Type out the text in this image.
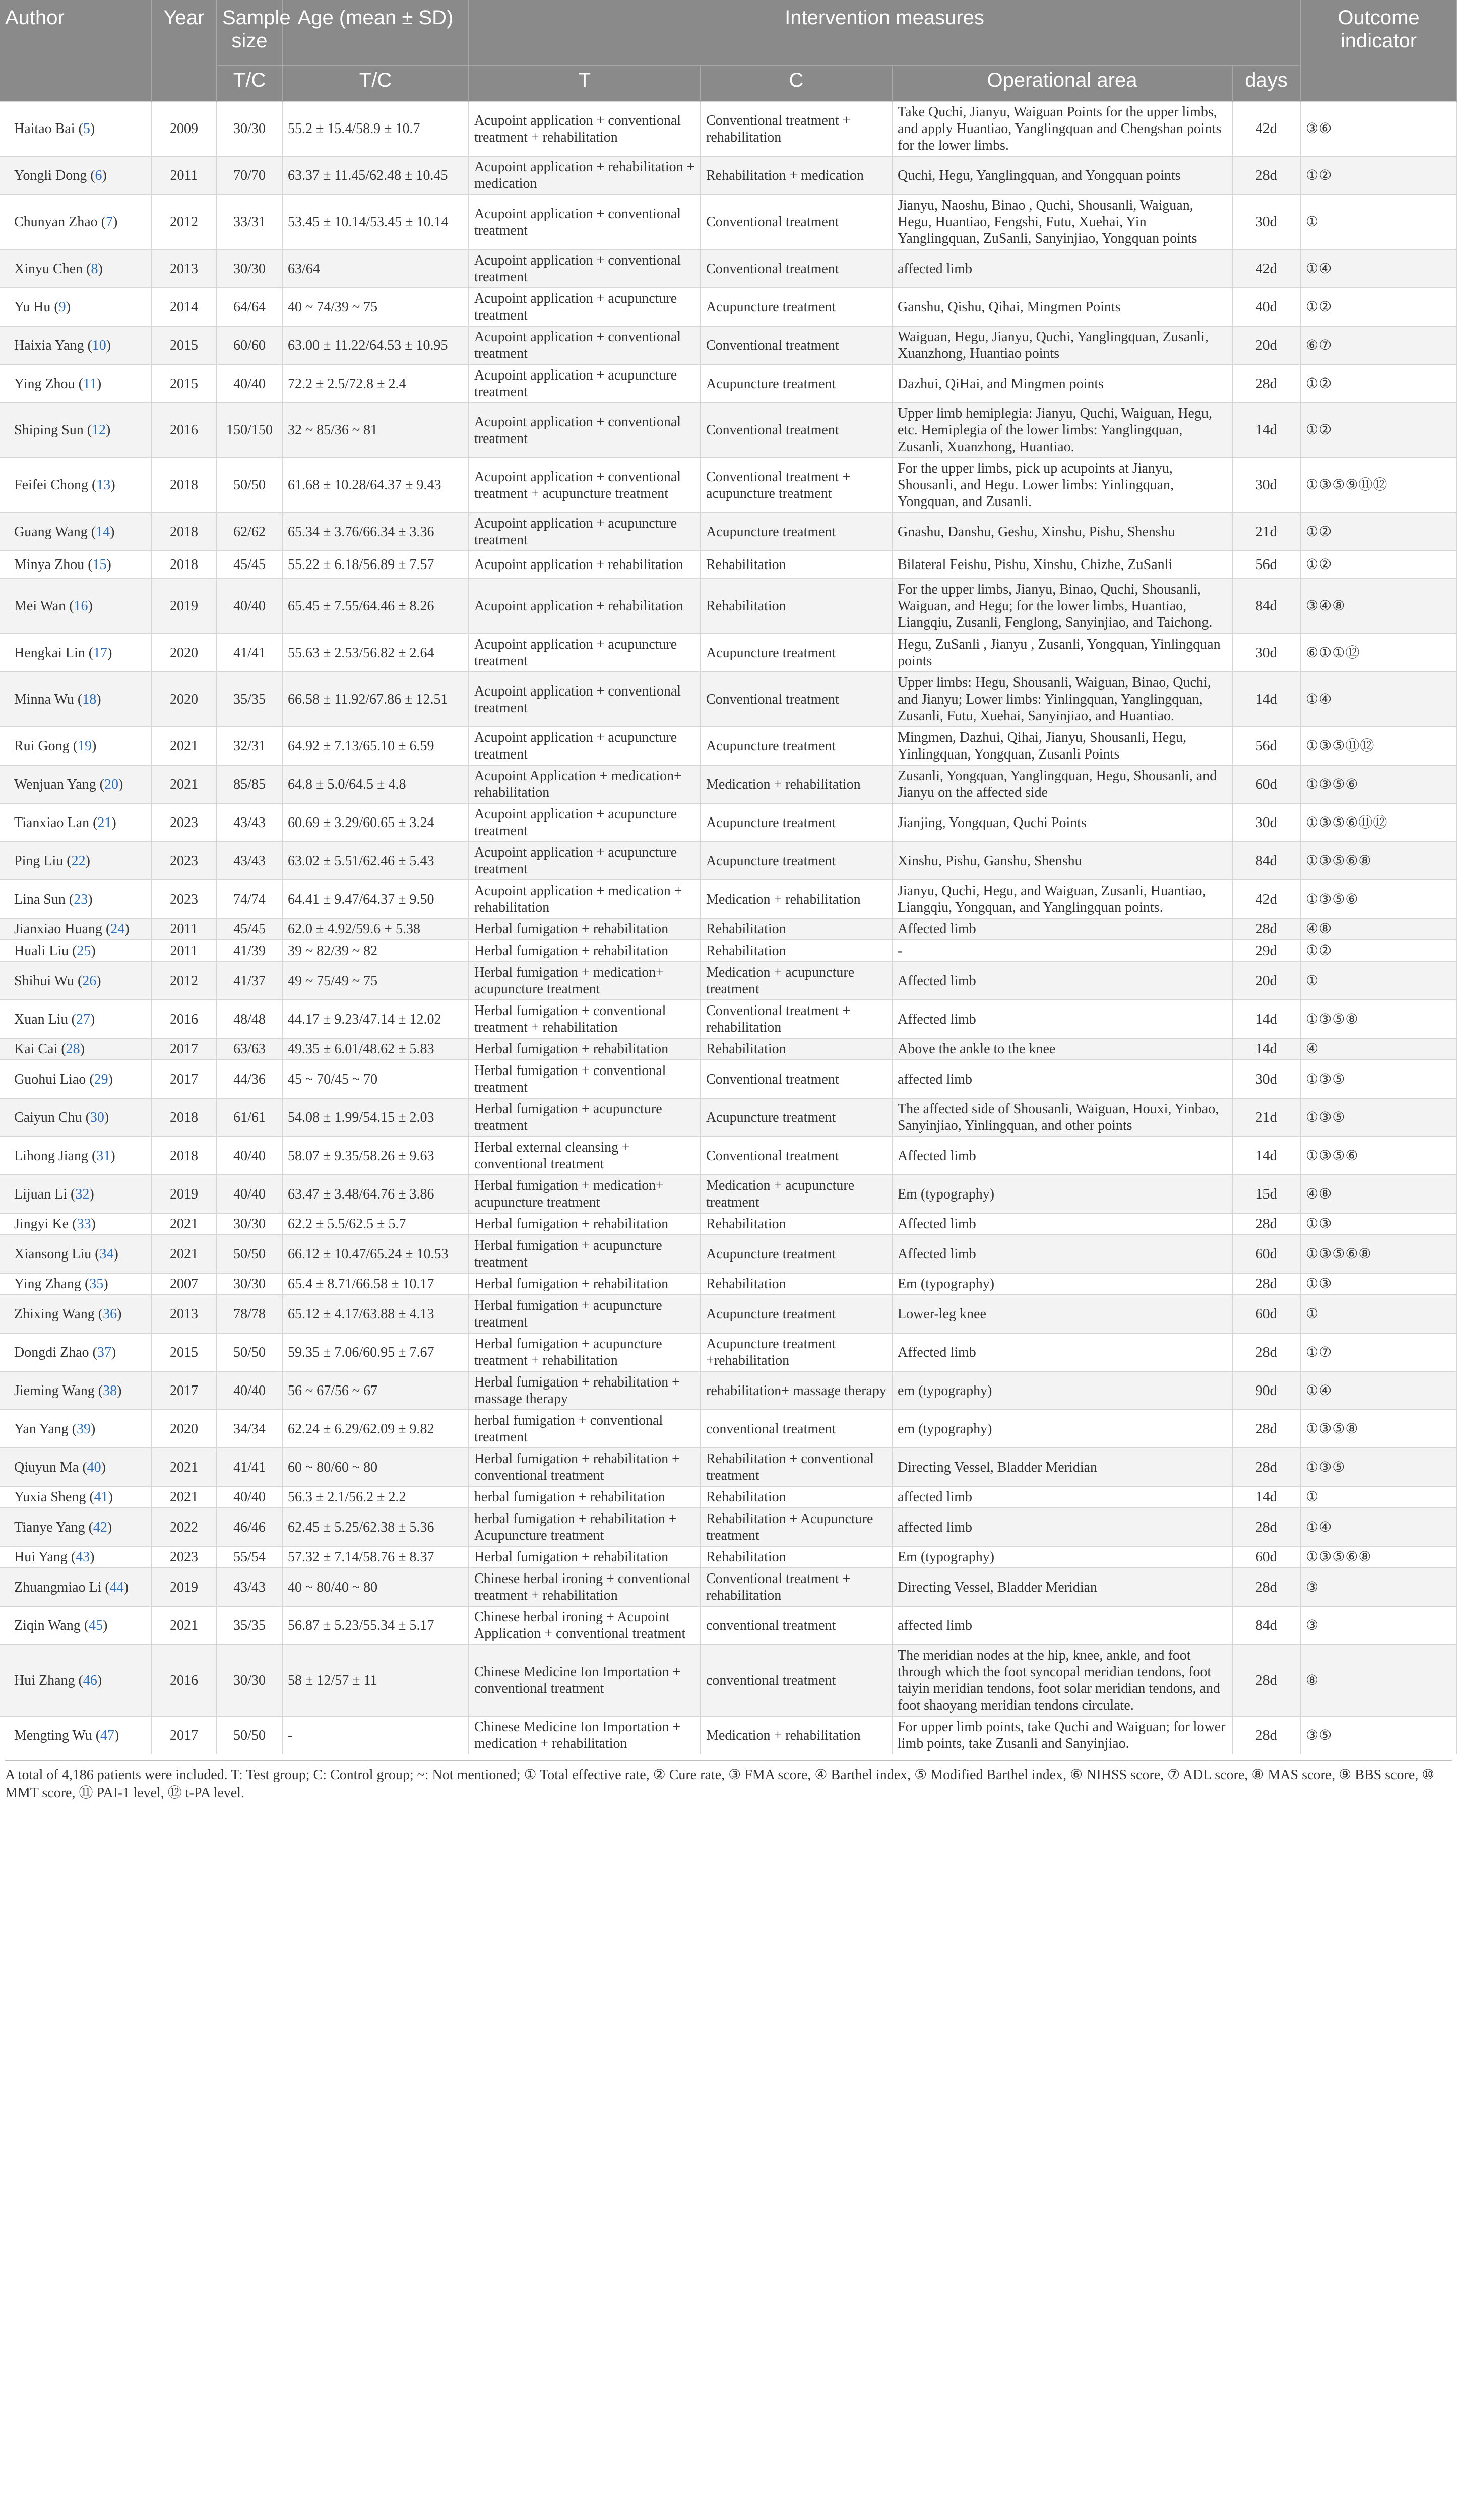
Author	Year	Sample size	Age (mean ± SD)	Intervention measures				Outcome indicator
		T/C	T/C	T	C	Operational area	days	
Haitao Bai (5)	2009	30/30	55.2 ± 15.4/58.9 ± 10.7	Acupoint application + conventional treatment + rehabilitation	Conventional treatment + rehabilitation	Take Quchi, Jianyu, Waiguan Points for the upper limbs, and apply Huantiao, Yanglingquan and Chengshan points for the lower limbs.	42d	③⑥
Yongli Dong (6)	2011	70/70	63.37 ± 11.45/62.48 ± 10.45	Acupoint application + rehabilitation + medication	Rehabilitation + medication	Quchi, Hegu, Yanglingquan, and Yongquan points	28d	①②
Chunyan Zhao (7)	2012	33/31	53.45 ± 10.14/53.45 ± 10.14	Acupoint application + conventional treatment	Conventional treatment	Jianyu, Naoshu, Binao , Quchi, Shousanli, Waiguan, Hegu, Huantiao, Fengshi, Futu, Xuehai, Yin Yanglingquan, ZuSanli, Sanyinjiao, Yongquan points	30d	①
Xinyu Chen (8)	2013	30/30	63/64	Acupoint application + conventional treatment	Conventional treatment	affected limb	42d	①④
Yu Hu (9)	2014	64/64	40 ~ 74/39 ~ 75	Acupoint application + acupuncture treatment	Acupuncture treatment	Ganshu, Qishu, Qihai, Mingmen Points	40d	①②
Haixia Yang (10)	2015	60/60	63.00 ± 11.22/64.53 ± 10.95	Acupoint application + conventional treatment	Conventional treatment	Waiguan, Hegu, Jianyu, Quchi, Yanglingquan, Zusanli, Xuanzhong, Huantiao points	20d	⑥⑦
Ying Zhou (11)	2015	40/40	72.2 ± 2.5/72.8 ± 2.4	Acupoint application + acupuncture treatment	Acupuncture treatment	Dazhui, QiHai, and Mingmen points	28d	①②
Shiping Sun (12)	2016	150/150	32 ~ 85/36 ~ 81	Acupoint application + conventional treatment	Conventional treatment	Upper limb hemiplegia: Jianyu, Quchi, Waiguan, Hegu, etc. Hemiplegia of the lower limbs: Yanglingquan, Zusanli, Xuanzhong, Huantiao.	14d	①②
Feifei Chong (13)	2018	50/50	61.68 ± 10.28/64.37 ± 9.43	Acupoint application + conventional treatment + acupuncture treatment	Conventional treatment + acupuncture treatment	For the upper limbs, pick up acupoints at Jianyu, Shousanli, and Hegu. Lower limbs: Yinlingquan, Yongquan, and Zusanli.	30d	①③⑤⑨⑪⑫
Guang Wang (14)	2018	62/62	65.34 ± 3.76/66.34 ± 3.36	Acupoint application + acupuncture treatment	Acupuncture treatment	Gnashu, Danshu, Geshu, Xinshu, Pishu, Shenshu	21d	①②
Minya Zhou (15)	2018	45/45	55.22 ± 6.18/56.89 ± 7.57	Acupoint application + rehabilitation	Rehabilitation	Bilateral Feishu, Pishu, Xinshu, Chizhe, ZuSanli	56d	①②
Mei Wan (16)	2019	40/40	65.45 ± 7.55/64.46 ± 8.26	Acupoint application + rehabilitation	Rehabilitation	For the upper limbs, Jianyu, Binao, Quchi, Shousanli, Waiguan, and Hegu; for the lower limbs, Huantiao, Liangqiu, Zusanli, Fenglong, Sanyinjiao, and Taichong.	84d	③④⑧
Hengkai Lin (17)	2020	41/41	55.63 ± 2.53/56.82 ± 2.64	Acupoint application + acupuncture treatment	Acupuncture treatment	Hegu, ZuSanli , Jianyu , Zusanli, Yongquan, Yinlingquan points	30d	⑥①①⑫
Minna Wu (18)	2020	35/35	66.58 ± 11.92/67.86 ± 12.51	Acupoint application + conventional treatment	Conventional treatment	Upper limbs: Hegu, Shousanli, Waiguan, Binao, Quchi, and Jianyu; Lower limbs: Yinlingquan, Yanglingquan, Zusanli, Futu, Xuehai, Sanyinjiao, and Huantiao.	14d	①④
Rui Gong (19)	2021	32/31	64.92 ± 7.13/65.10 ± 6.59	Acupoint application + acupuncture treatment	Acupuncture treatment	Mingmen, Dazhui, Qihai, Jianyu, Shousanli, Hegu, Yinlingquan, Yongquan, Zusanli Points	56d	①③⑤⑪⑫
Wenjuan Yang (20)	2021	85/85	64.8 ± 5.0/64.5 ± 4.8	Acupoint Application + medication+ rehabilitation	Medication + rehabilitation	Zusanli, Yongquan, Yanglingquan, Hegu, Shousanli, and Jianyu on the affected side	60d	①③⑤⑥
Tianxiao Lan (21)	2023	43/43	60.69 ± 3.29/60.65 ± 3.24	Acupoint application + acupuncture treatment	Acupuncture treatment	Jianjing, Yongquan, Quchi Points	30d	①③⑤⑥⑪⑫
Ping Liu (22)	2023	43/43	63.02 ± 5.51/62.46 ± 5.43	Acupoint application + acupuncture treatment	Acupuncture treatment	Xinshu, Pishu, Ganshu, Shenshu	84d	①③⑤⑥⑧
Lina Sun (23)	2023	74/74	64.41 ± 9.47/64.37 ± 9.50	Acupoint application + medication + rehabilitation	Medication + rehabilitation	Jianyu, Quchi, Hegu, and Waiguan, Zusanli, Huantiao, Liangqiu, Yongquan, and Yanglingquan points.	42d	①③⑤⑥
Jianxiao Huang (24)	2011	45/45	62.0 ± 4.92/59.6 + 5.38	Herbal fumigation + rehabilitation	Rehabilitation	Affected limb	28d	④⑧
Huali Liu (25)	2011	41/39	39 ~ 82/39 ~ 82	Herbal fumigation + rehabilitation	Rehabilitation	-	29d	①②
Shihui Wu (26)	2012	41/37	49 ~ 75/49 ~ 75	Herbal fumigation + medication+ acupuncture treatment	Medication + acupuncture treatment	Affected limb	20d	①
Xuan Liu (27)	2016	48/48	44.17 ± 9.23/47.14 ± 12.02	Herbal fumigation + conventional treatment + rehabilitation	Conventional treatment + rehabilitation	Affected limb	14d	①③⑤⑧
Kai Cai (28)	2017	63/63	49.35 ± 6.01/48.62 ± 5.83	Herbal fumigation + rehabilitation	Rehabilitation	Above the ankle to the knee	14d	④
Guohui Liao (29)	2017	44/36	45 ~ 70/45 ~ 70	Herbal fumigation + conventional treatment	Conventional treatment	affected limb	30d	①③⑤
Caiyun Chu (30)	2018	61/61	54.08 ± 1.99/54.15 ± 2.03	Herbal fumigation + acupuncture treatment	Acupuncture treatment	The affected side of Shousanli, Waiguan, Houxi, Yinbao, Sanyinjiao, Yinlingquan, and other points	21d	①③⑤
Lihong Jiang (31)	2018	40/40	58.07 ± 9.35/58.26 ± 9.63	Herbal external cleansing + conventional treatment	Conventional treatment	Affected limb	14d	①③⑤⑥
Lijuan Li (32)	2019	40/40	63.47 ± 3.48/64.76 ± 3.86	Herbal fumigation + medication+ acupuncture treatment	Medication + acupuncture treatment	Em (typography)	15d	④⑧
Jingyi Ke (33)	2021	30/30	62.2 ± 5.5/62.5 ± 5.7	Herbal fumigation + rehabilitation	Rehabilitation	Affected limb	28d	①③
Xiansong Liu (34)	2021	50/50	66.12 ± 10.47/65.24 ± 10.53	Herbal fumigation + acupuncture treatment	Acupuncture treatment	Affected limb	60d	①③⑤⑥⑧
Ying Zhang (35)	2007	30/30	65.4 ± 8.71/66.58 ± 10.17	Herbal fumigation + rehabilitation	Rehabilitation	Em (typography)	28d	①③
Zhixing Wang (36)	2013	78/78	65.12 ± 4.17/63.88 ± 4.13	Herbal fumigation + acupuncture treatment	Acupuncture treatment	Lower-leg knee	60d	①
Dongdi Zhao (37)	2015	50/50	59.35 ± 7.06/60.95 ± 7.67	Herbal fumigation + acupuncture treatment + rehabilitation	Acupuncture treatment +rehabilitation	Affected limb	28d	①⑦
Jieming Wang (38)	2017	40/40	56 ~ 67/56 ~ 67	Herbal fumigation + rehabilitation + massage therapy	rehabilitation+ massage therapy	em (typography)	90d	①④
Yan Yang (39)	2020	34/34	62.24 ± 6.29/62.09 ± 9.82	herbal fumigation + conventional treatment	conventional treatment	em (typography)	28d	①③⑤⑧
Qiuyun Ma (40)	2021	41/41	60 ~ 80/60 ~ 80	Herbal fumigation + rehabilitation + conventional treatment	Rehabilitation + conventional treatment	Directing Vessel, Bladder Meridian	28d	①③⑤
Yuxia Sheng (41)	2021	40/40	56.3 ± 2.1/56.2 ± 2.2	herbal fumigation + rehabilitation	Rehabilitation	affected limb	14d	①
Tianye Yang (42)	2022	46/46	62.45 ± 5.25/62.38 ± 5.36	herbal fumigation + rehabilitation + Acupuncture treatment	Rehabilitation + Acupuncture treatment	affected limb	28d	①④
Hui Yang (43)	2023	55/54	57.32 ± 7.14/58.76 ± 8.37	Herbal fumigation + rehabilitation	Rehabilitation	Em (typography)	60d	①③⑤⑥⑧
Zhuangmiao Li (44)	2019	43/43	40 ~ 80/40 ~ 80	Chinese herbal ironing + conventional treatment + rehabilitation	Conventional treatment + rehabilitation	Directing Vessel, Bladder Meridian	28d	③
Ziqin Wang (45)	2021	35/35	56.87 ± 5.23/55.34 ± 5.17	Chinese herbal ironing + Acupoint Application + conventional treatment	conventional treatment	affected limb	84d	③
Hui Zhang (46)	2016	30/30	58 ± 12/57 ± 11	Chinese Medicine Ion Importation + conventional treatment	conventional treatment	The meridian nodes at the hip, knee, ankle, and foot through which the foot syncopal meridian tendons, foot taiyin meridian tendons, foot solar meridian tendons, and foot shaoyang meridian tendons circulate.	28d	⑧
Mengting Wu (47)	2017	50/50	-	Chinese Medicine Ion Importation + medication + rehabilitation	Medication + rehabilitation	For upper limb points, take Quchi and Waiguan; for lower limb points, take Zusanli and Sanyinjiao.	28d	③⑤
A total of 4,186 patients were included. T: Test group; C: Control group; ~: Not mentioned; ① Total effective rate, ② Cure rate, ③ FMA score, ④ Barthel index, ⑤ Modified Barthel index, ⑥ NIHSS score, ⑦ ADL score, ⑧ MAS score, ⑨ BBS score, ⑩ MMT score, ⑪ PAI-1 level, ⑫ t-PA level.
